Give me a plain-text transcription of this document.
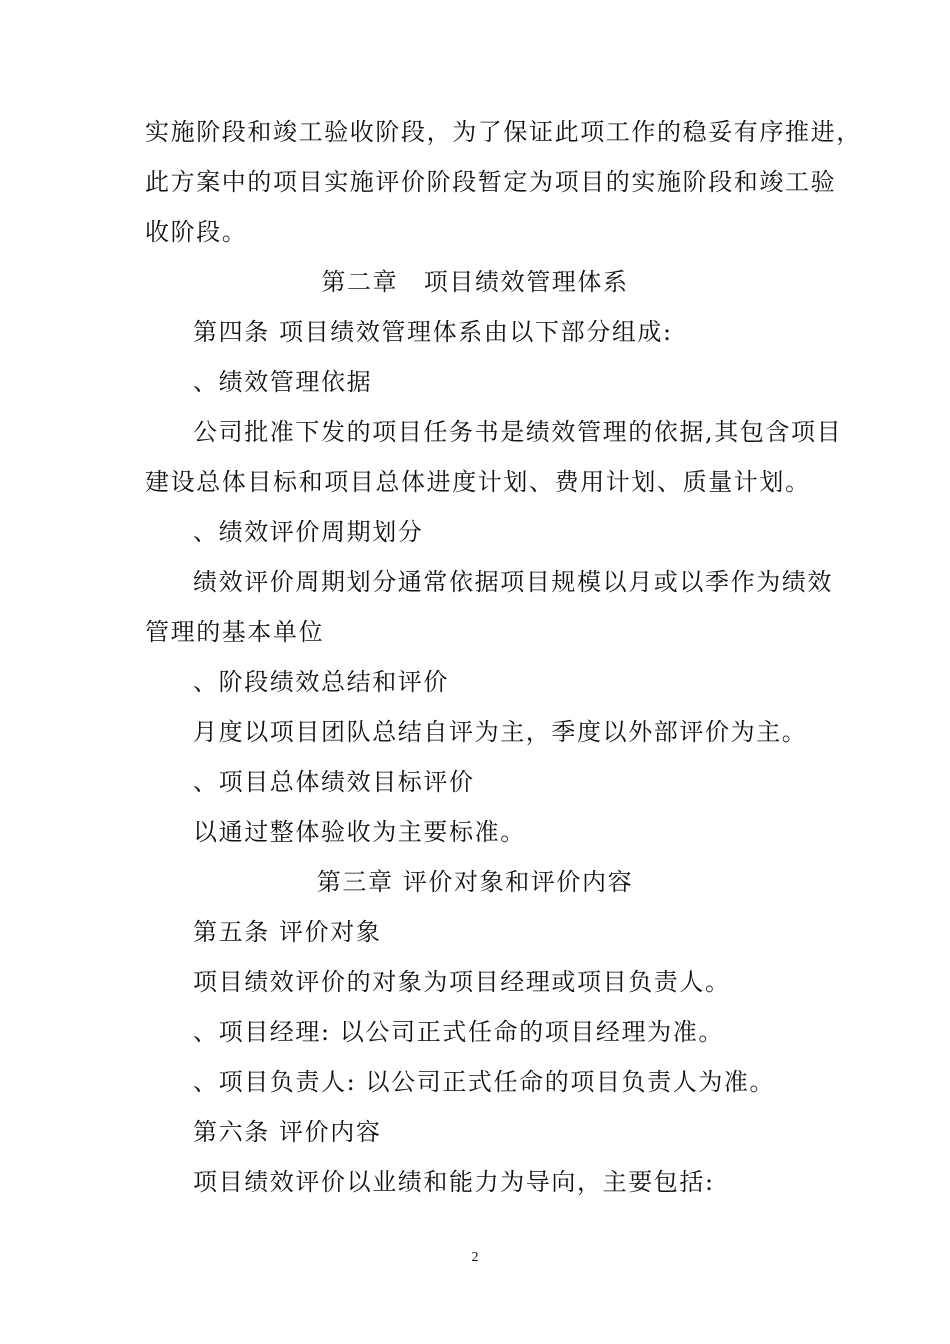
实施阶段和竣工验收阶段，为了保证此项工作的稳妥有序推进，
此方案中的项目实施评价阶段暂定为项目的实施阶段和竣工验
收阶段。
第二章　项目绩效管理体系
第四条 项目绩效管理体系由以下部分组成:
、绩效管理依据
公司批准下发的项目任务书是绩效管理的依据,其包含项目
建设总体目标和项目总体进度计划、费用计划、质量计划。
、绩效评价周期划分
绩效评价周期划分通常依据项目规模以月或以季作为绩效
管理的基本单位
、阶段绩效总结和评价
月度以项目团队总结自评为主，季度以外部评价为主。
、项目总体绩效目标评价
以通过整体验收为主要标准。
第三章 评价对象和评价内容
第五条 评价对象
项目绩效评价的对象为项目经理或项目负责人。
、项目经理: 以公司正式任命的项目经理为准。
、项目负责人: 以公司正式任命的项目负责人为准。
第六条 评价内容
项目绩效评价以业绩和能力为导向，主要包括:
2
